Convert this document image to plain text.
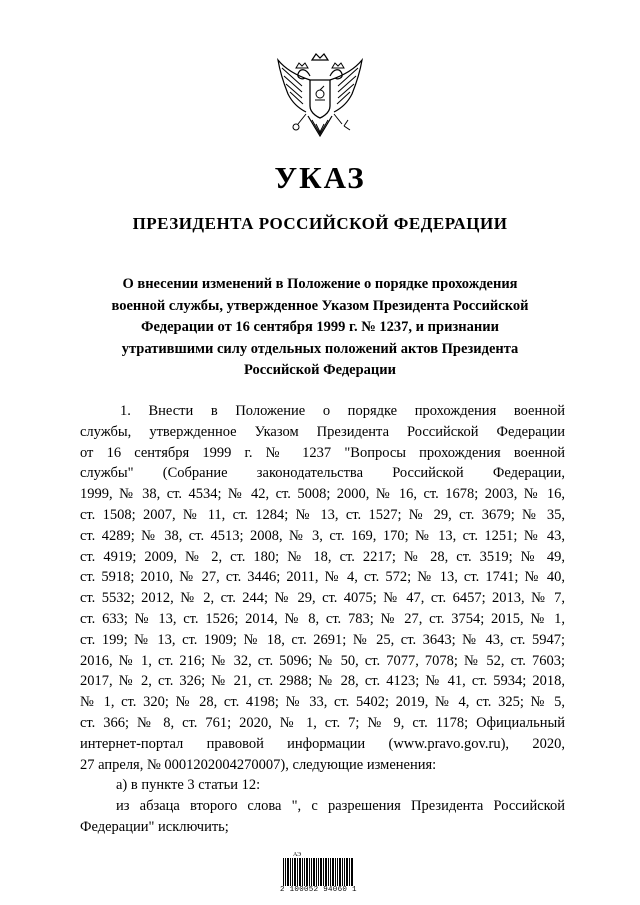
УКАЗ
ПРЕЗИДЕНТА РОССИЙСКОЙ ФЕДЕРАЦИИ
О внесении изменений в Положение о порядке прохождения
военной службы, утвержденное Указом Президента Российской
Федерации от 16 сентября 1999 г. № 1237, и признании
утратившими силу отдельных положений актов Президента
Российской Федерации
1. Внести в Положение о порядке прохождения военной
службы, утвержденное Указом Президента Российской Федерации
от 16 сентября 1999 г. № 1237 "Вопросы прохождения военной
службы" (Собрание законодательства Российской Федерации,
1999, № 38, ст. 4534; № 42, ст. 5008; 2000, № 16, ст. 1678; 2003, № 16,
ст. 1508; 2007, № 11, ст. 1284; № 13, ст. 1527; № 29, ст. 3679; № 35,
ст. 4289; № 38, ст. 4513; 2008, № 3, ст. 169, 170; № 13, ст. 1251; № 43,
ст. 4919; 2009, № 2, ст. 180; № 18, ст. 2217; № 28, ст. 3519; № 49,
ст. 5918; 2010, № 27, ст. 3446; 2011, № 4, ст. 572; № 13, ст. 1741; № 40,
ст. 5532; 2012, № 2, ст. 244; № 29, ст. 4075; № 47, ст. 6457; 2013, № 7,
ст. 633; № 13, ст. 1526; 2014, № 8, ст. 783; № 27, ст. 3754; 2015, № 1,
ст. 199; № 13, ст. 1909; № 18, ст. 2691; № 25, ст. 3643; № 43, ст. 5947;
2016, № 1, ст. 216; № 32, ст. 5096; № 50, ст. 7077, 7078; № 52, ст. 7603;
2017, № 2, ст. 326; № 21, ст. 2988; № 28, ст. 4123; № 41, ст. 5934; 2018,
№ 1, ст. 320; № 28, ст. 4198; № 33, ст. 5402; 2019, № 4, ст. 325; № 5,
ст. 366; № 8, ст. 761; 2020, № 1, ст. 7; № 9, ст. 1178; Официальный
интернет-портал правовой информации (www.pravo.gov.ru), 2020,
27 апреля, № 0001202004270007), следующие изменения:
а) в пункте 3 статьи 12:
из абзаца второго слова ", с разрешения Президента Российской
Федерации" исключить;
АЭ
2 100052 94060 1
